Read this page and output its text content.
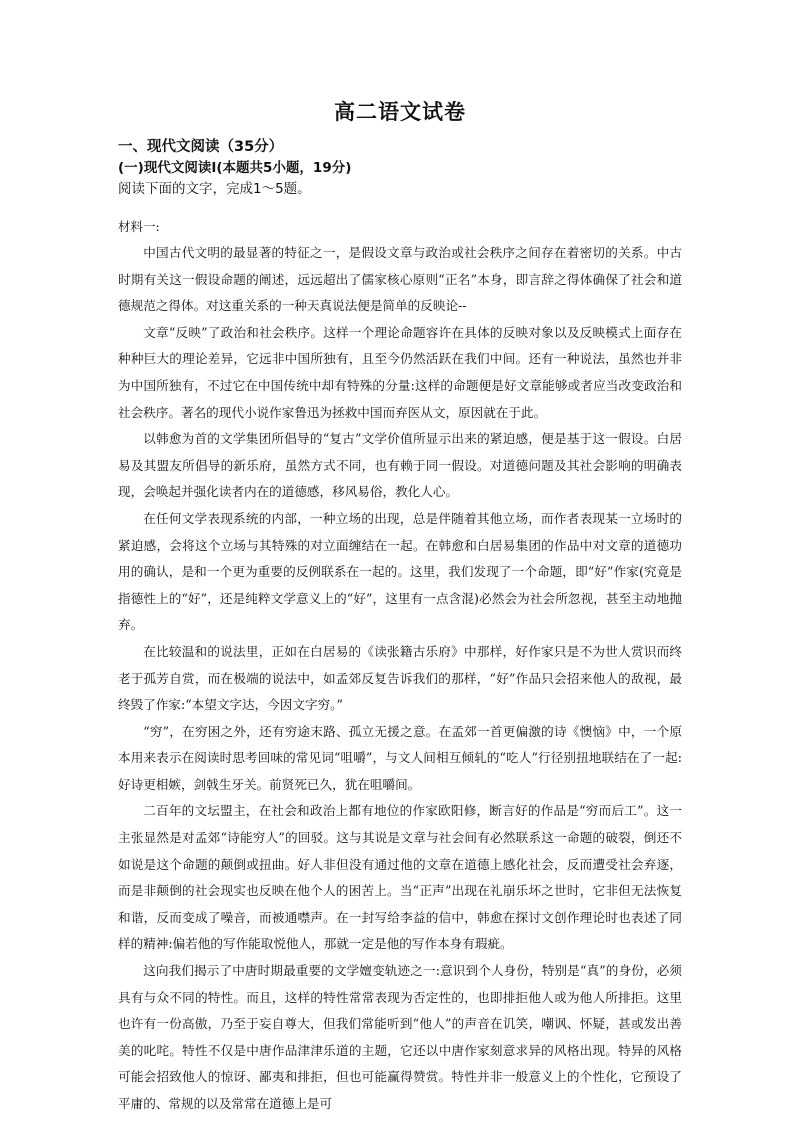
高二语文试卷
一、现代文阅读（35分）
(一)现代文阅读Ⅰ(本题共5小题，19分)
阅读下面的文字，完成1～5题。
材料一:

中国古代文明的最显著的特征之一，是假设文章与政治或社会秩序之间存在着密切的关系。中古时期有关这一假设命题的阐述，远远超出了儒家核心原则“正名”本身，即言辞之得体确保了社会和道德规范之得体。对这重关系的一种天真说法便是简单的反映论--

文章“反映”了政治和社会秩序。这样一个理论命题容许在具体的反映对象以及反映模式上面存在种种巨大的理论差异，它远非中国所独有，且至今仍然活跃在我们中间。还有一种说法，虽然也并非为中国所独有，不过它在中国传统中却有特殊的分量:这样的命题便是好文章能够或者应当改变政治和社会秩序。著名的现代小说作家鲁迅为拯救中国而弃医从文，原因就在于此。

以韩愈为首的文学集团所倡导的“复古”文学价值所显示出来的紧迫感，便是基于这一假设。白居易及其盟友所倡导的新乐府，虽然方式不同，也有赖于同一假设。对道德问题及其社会影响的明确表现，会唤起并强化读者内在的道德感，移风易俗，教化人心。

在任何文学表现系统的内部，一种立场的出现，总是伴随着其他立场，而作者表现某一立场时的紧迫感，会将这个立场与其特殊的对立面缠结在一起。在韩愈和白居易集团的作品中对文章的道德功用的确认，是和一个更为重要的反例联系在一起的。这里，我们发现了一个命题，即“好”作家(究竟是指德性上的“好”，还是纯粹文学意义上的“好”，这里有一点含混)必然会为社会所忽视，甚至主动地抛弃。

在比较温和的说法里，正如在白居易的《读张籍古乐府》中那样，好作家只是不为世人赏识而终老于孤芳自赏，而在极端的说法中，如孟郊反复告诉我们的那样，“好”作品只会招来他人的敌视，最终毁了作家:“本望文字达，今因文字穷。”

“穷”，在穷困之外，还有穷途末路、孤立无援之意。在孟郊一首更偏激的诗《懊恼》中，一个原本用来表示在阅读时思考回味的常见词“咀嚼”，与文人间相互倾轧的“吃人”行径别扭地联结在了一起:好诗更相嫉，剑戟生牙关。前贤死已久，犹在咀嚼间。

二百年的文坛盟主，在社会和政治上都有地位的作家欧阳修，断言好的作品是“穷而后工”。这一主张显然是对孟郊“诗能穷人”的回驳。这与其说是文章与社会间有必然联系这一命题的破裂，倒还不如说是这个命题的颠倒或扭曲。好人非但没有通过他的文章在道德上感化社会，反而遭受社会弃逐，而是非颠倒的社会现实也反映在他个人的困苦上。当“正声”出现在礼崩乐坏之世时，它非但无法恢复和谐，反而变成了噪音，而被通噤声。在一封写给李益的信中，韩愈在探讨文创作理论时也表述了同样的精神:偏若他的写作能取悦他人，那就一定是他的写作本身有瑕疵。

这向我们揭示了中唐时期最重要的文学嬗变轨迹之一:意识到个人身份，特别是“真”的身份，必须具有与众不同的特性。而且，这样的特性常常表现为否定性的，也即排拒他人或为他人所排拒。这里也许有一份高傲，乃至于妄自尊大，但我们常能听到“他人”的声音在讥笑，嘲讽、怀疑，甚或发出善美的叱咤。特性不仅是中唐作品津津乐道的主题，它还以中唐作家刻意求异的风格出现。特异的风格可能会招致他人的惊讶、鄙夷和排拒，但也可能赢得赞赏。特性并非一般意义上的个性化，它预设了平庸的、常规的以及常常在道德上是可
